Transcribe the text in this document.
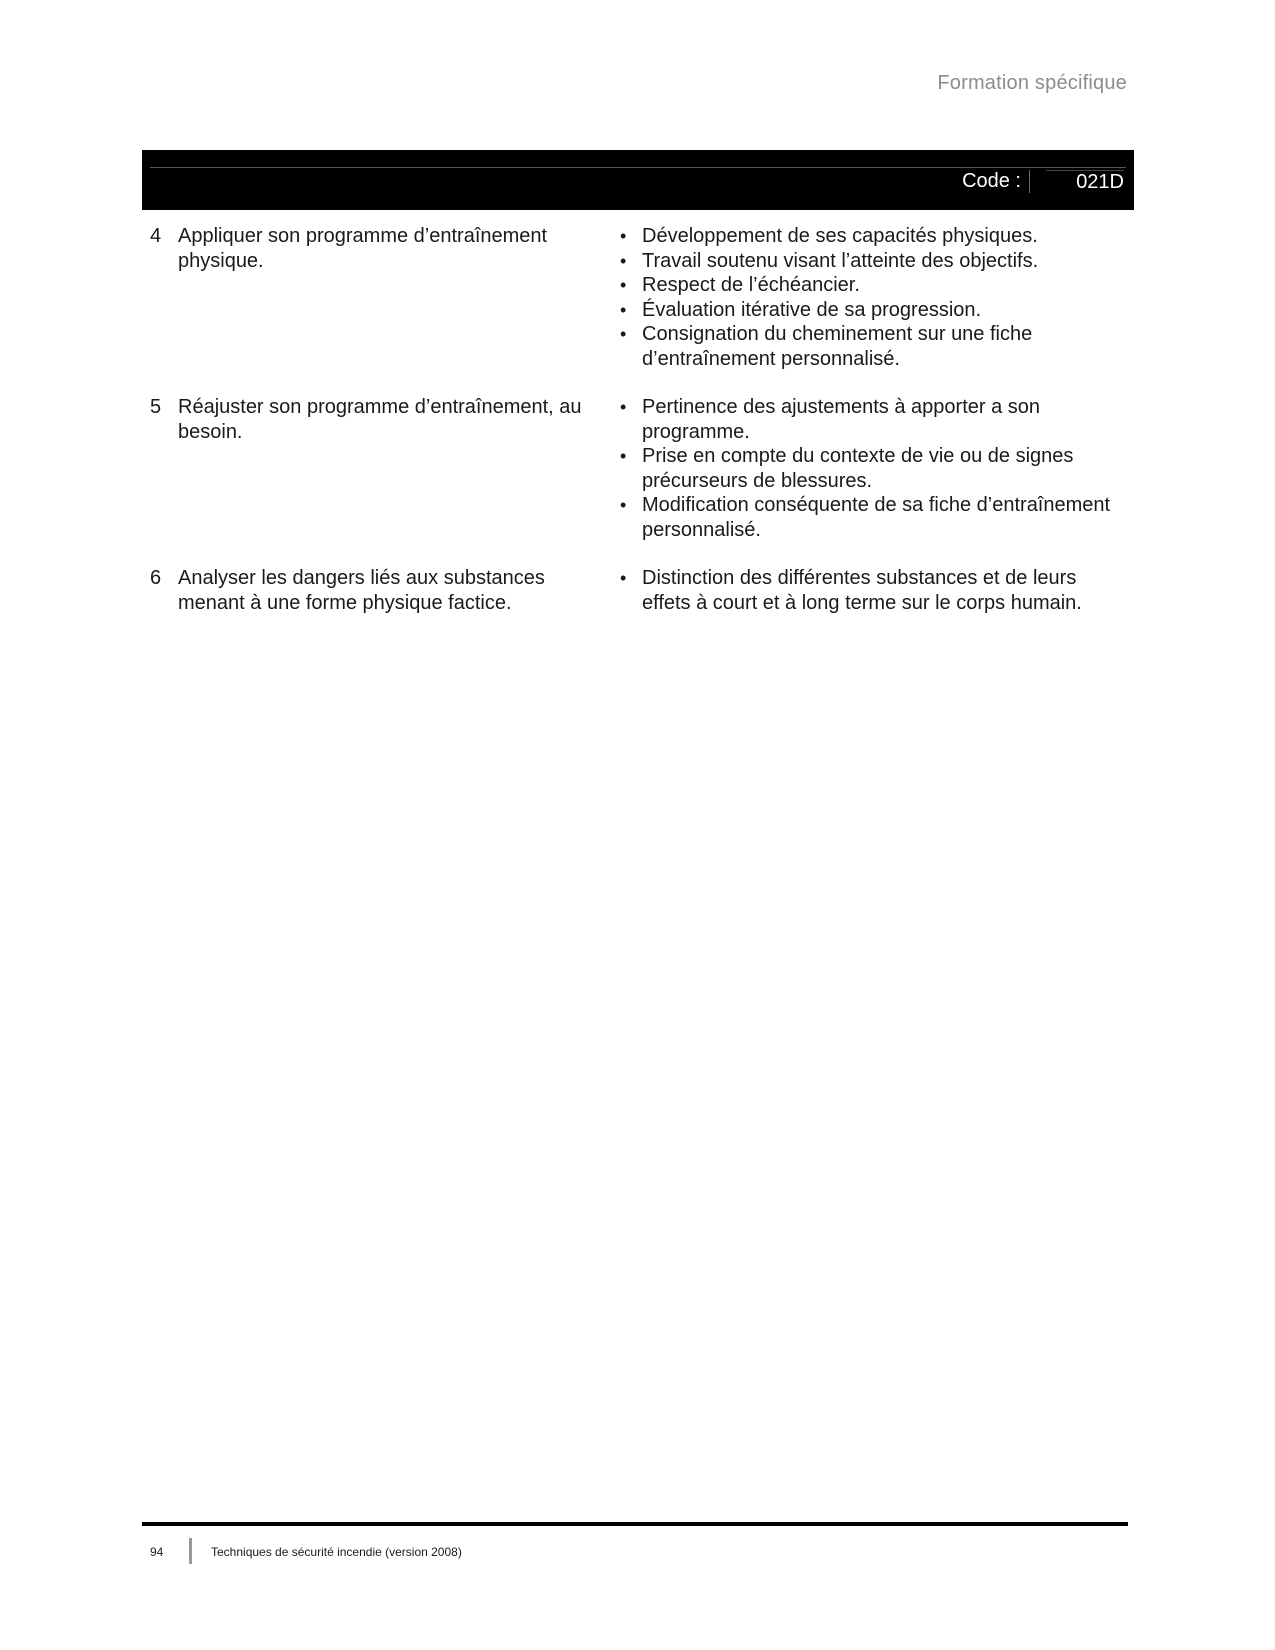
Formation spécifique
Code :	021D
4 Appliquer son programme d’entraînement physique.
• Développement de ses capacités physiques.
• Travail soutenu visant l’atteinte des objectifs.
• Respect de l’échéancier.
• Évaluation itérative de sa progression.
• Consignation du cheminement sur une fiche d’entraînement personnalisé.
5 Réajuster son programme d’entraînement, au besoin.
• Pertinence des ajustements à apporter a son programme.
• Prise en compte du contexte de vie ou de signes précurseurs de blessures.
• Modification conséquente de sa fiche d’entraînement personnalisé.
6 Analyser les dangers liés aux substances menant à une forme physique factice.
• Distinction des différentes substances et de leurs effets à court et à long terme sur le corps humain.
94	Techniques de sécurité incendie (version 2008)
